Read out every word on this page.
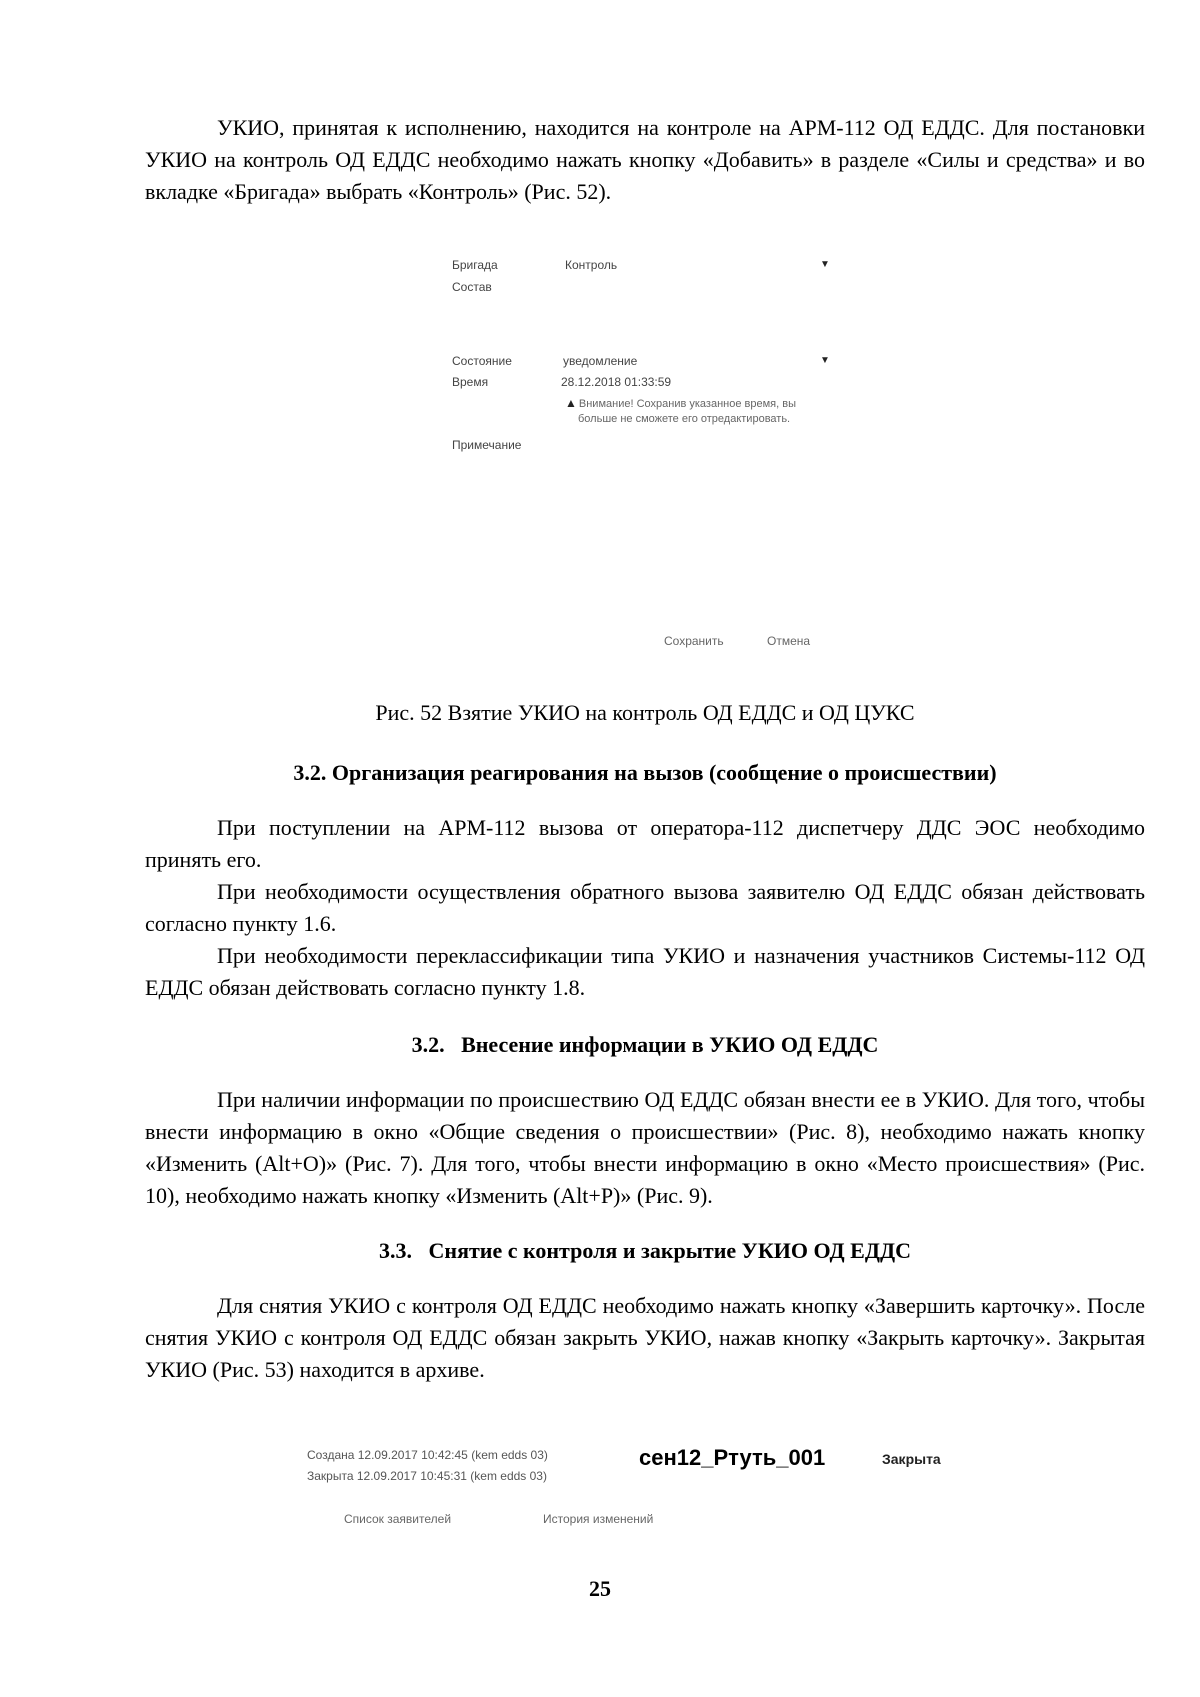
УКИО, принятая к исполнению, находится на контроле на АРМ-112 ОД ЕДДС. Для постановки УКИО на контроль ОД ЕДДС необходимо нажать кнопку «Добавить» в разделе «Силы и средства» и во вкладке «Бригада» выбрать «Контроль» (Рис. 52).

Бригада	Контроль	▼
Состав
Состояние	уведомление	▼
Время	28.12.2018 01:33:59
▲ Внимание! Сохранив указанное время, вы
больше не сможете его отредактировать.
Примечание
Сохранить	Отмена

Рис. 52 Взятие УКИО на контроль ОД ЕДДС и ОД ЦУКС

3.2. Организация реагирования на вызов (сообщение о происшествии)

При поступлении на АРМ-112 вызова от оператора-112 диспетчеру ДДС ЭОС необходимо принять его.

При необходимости осуществления обратного вызова заявителю ОД ЕДДС обязан действовать согласно пункту 1.6.

При необходимости переклассификации типа УКИО и назначения участников Системы-112 ОД ЕДДС обязан действовать согласно пункту 1.8.

3.2. Внесение информации в УКИО ОД ЕДДС

При наличии информации по происшествию ОД ЕДДС обязан внести ее в УКИО. Для того, чтобы внести информацию в окно «Общие сведения о происшествии» (Рис. 8), необходимо нажать кнопку «Изменить (Alt+O)» (Рис. 7). Для того, чтобы внести информацию в окно «Место происшествия» (Рис. 10), необходимо нажать кнопку «Изменить (Alt+P)» (Рис. 9).

3.3. Снятие с контроля и закрытие УКИО ОД ЕДДС

Для снятия УКИО с контроля ОД ЕДДС необходимо нажать кнопку «Завершить карточку». После снятия УКИО с контроля ОД ЕДДС обязан закрыть УКИО, нажав кнопку «Закрыть карточку». Закрытая УКИО (Рис. 53) находится в архиве.

Создана 12.09.2017 10:42:45 (kem edds 03)
Закрыта 12.09.2017 10:45:31 (kem edds 03)
сен12_Ртуть_001	Закрыта
Список заявителей	История изменений
25
